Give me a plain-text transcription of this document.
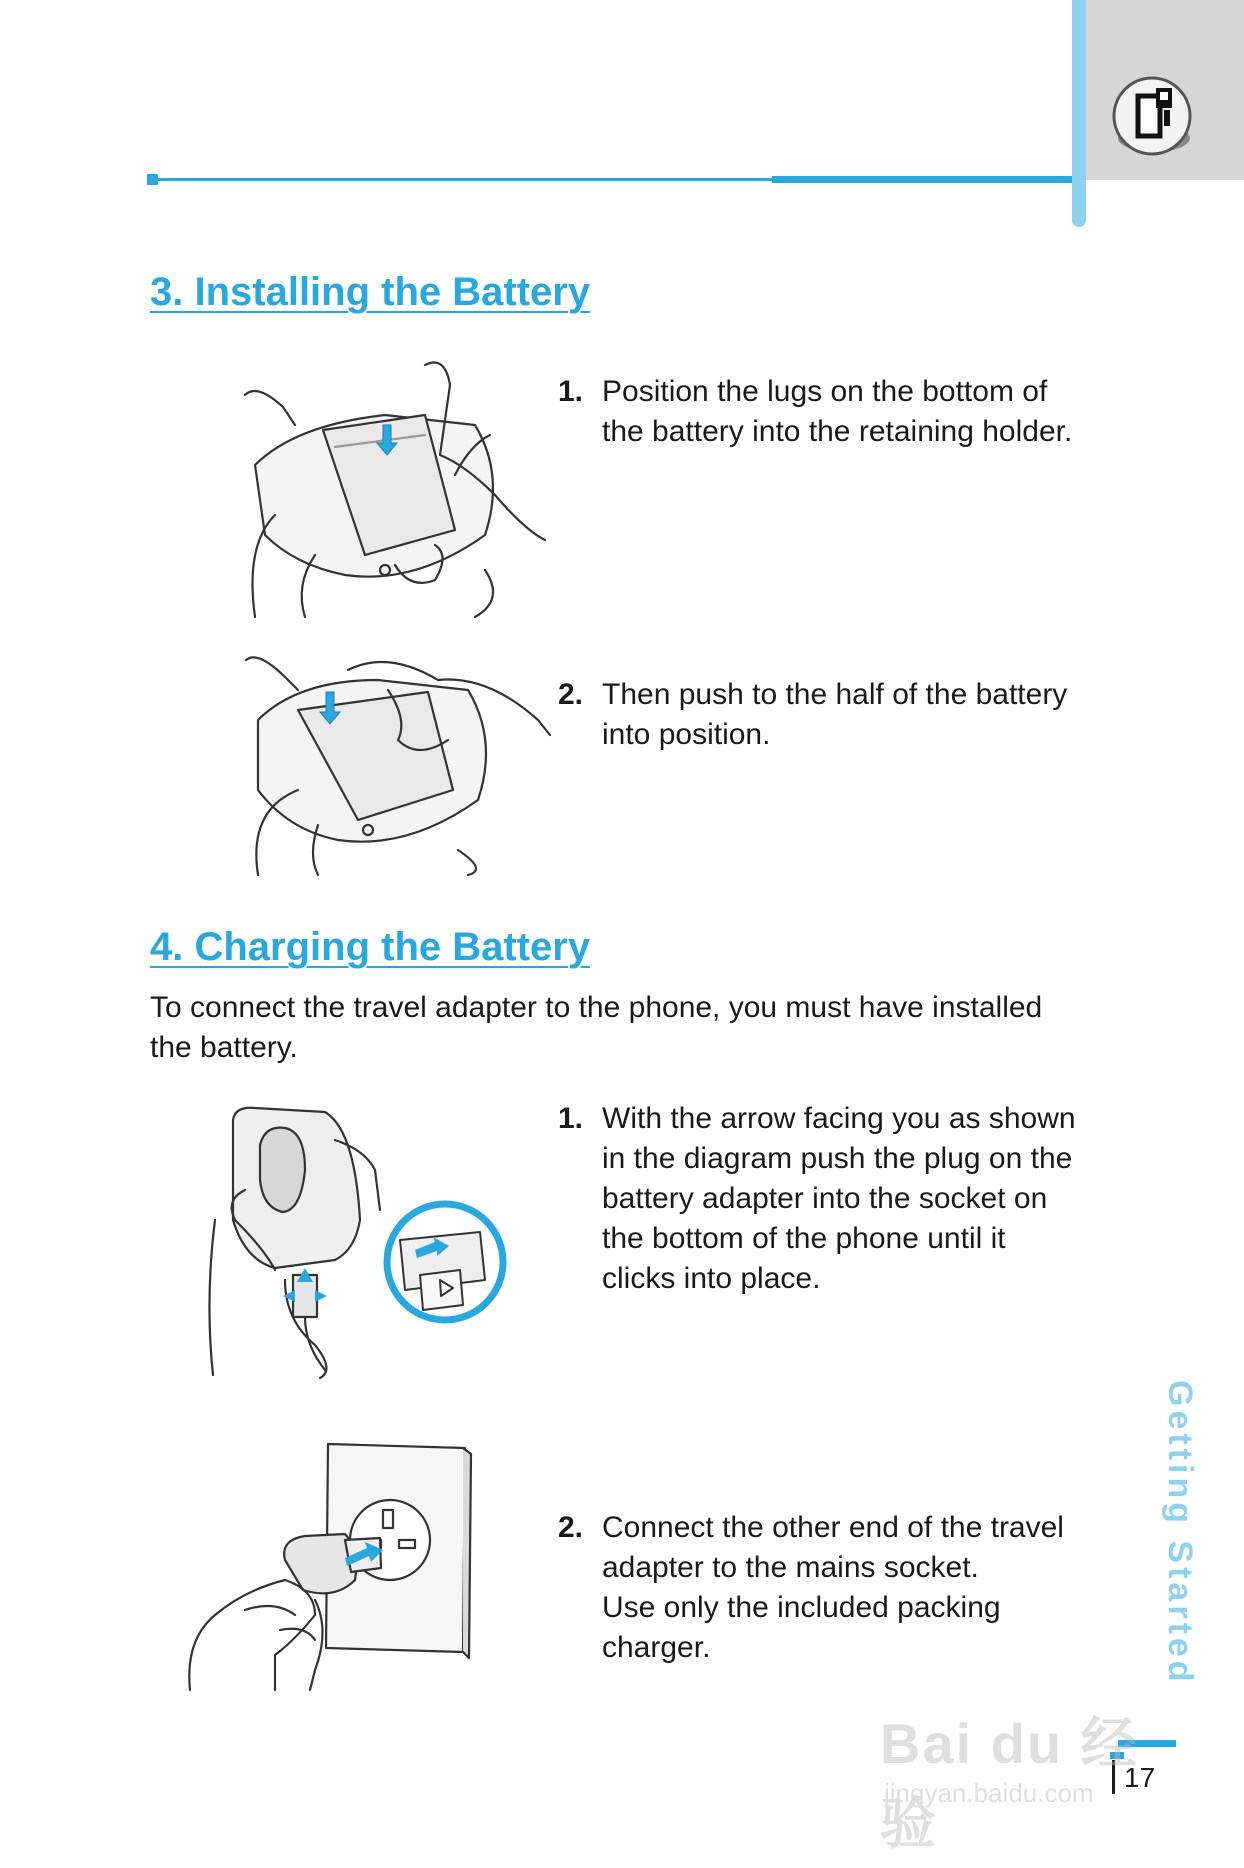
3. Installing the Battery
1. Position the lugs on the bottom of
the battery into the retaining holder.
2. Then push to the half of the battery
into position.
4. Charging the Battery
To connect the travel adapter to the phone, you must have installed
the battery.
1. With the arrow facing you as shown
in the diagram push the plug on the
battery adapter into the socket on
the bottom of the phone until it
clicks into place.
2. Connect the other end of the travel
adapter to the mains socket.
Use only the included packing
charger.	Getting Started
17
Bai du 经验
jingyan.baidu.com
